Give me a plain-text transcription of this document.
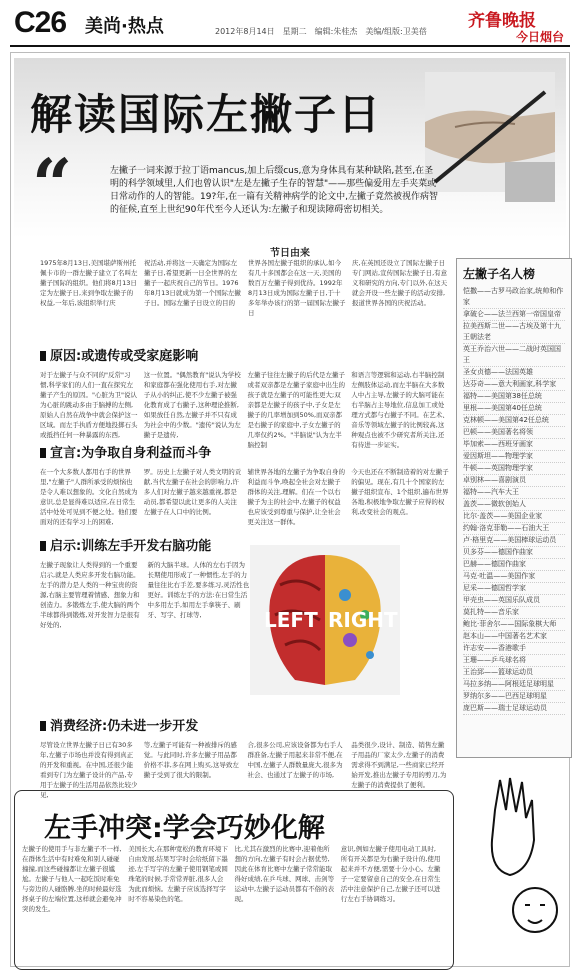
C26 美尚·热点	2012年8月14日　星期二　编辑:朱桂杰　美编/组版:卫美蓓
齐鲁晚报
今日烟台
解读国际左撇子日
“	左撇子一词来源于拉丁语mancus,加上后缀cus,意为身体具有某种缺陷,甚至,在圣明的科学领域里,人们也曾认识"左是左撇子生存的智慧"——那些偏爱用左手夹菜或日常动作的人的智能。19?年,在一篇有关精神病学的论文中,左撇子竟然被视作病智的征候,直至上世纪90年代至今人还认为:左撇子和现读障碍密切相关。
节日由来
1975年8月13日,美国堪萨斯州托佩卡市的一群左撇子建立了名叫左撇子国际的组织。他们将8月13日定为左撇子日,来到争取左撇子的权益,一年后,该组织举行庆
祝活动,并将这一天确定为国际左撇子日,希望更新一日全世界的左撇子一起庆祝自己的节日。1976年8月13日就成为第一个国际左撇子日。国际左撇子日设立的目的
世界各国左撇子组织的承认,如今有几十多国都会在这一天,美国的数百万左撇子得到优待。1992年8月13日成为国际左撇子日,于十多年举办该行的第一届国际左撇子日
庆,在英国还设立了国际左撇子日专门网站,宣传国际左撇子日,有意义和研究的方向,专门以外,在这天就会开设一些左撇子的活动安排,报道世界各国的庆祝活动。
原因:或遗传或受家庭影响
对于左撇子与众不同的"反常"习惯,科学家们的人们一直在探究左撇子产生的原因。"心脏为卫"说认为心脏的跳动多由于脑搏的左侧,原始人自然在战争中就会保护这一区域。而左手执盾方便地投掷石头或抵挡任何一种暴露的东西,
这一位置。"偶然教育"说认为学校和家庭都在强化使用右手,对左撇子从小的纠正,使不少左撇子被强化教育成了右撇子,这种理论推断,如果放任自然,左撇子并不只有成为社会中的少数。"遗传"说认为左撇子是遗传,
左撇子往往左撇子的后代是左撇子或者双亲都是左撇子家庭中出生的孩子就是左撇子的可能性更大;双亲都是左撇子的孩子中,子女是左撇子的几率增加到50%,而双亲都是右撇子的家庭中,子女左撇子的几率仅约2%。"半脑说"认为左半脑控制
和语言等逻辑和运动,右半脑控制左侧肢体运动,而左半脑在大多数人中占主导,左撇子的大脑可能在右半脑占主导地位,信息加工或处理方式都与右撇子不同。在艺术、音乐等领域左撇子的比例较高,这种观点也被不少研究者所关注,还有待进一步证实。
宣言:为争取自身利益而斗争
在一个大多数人都用右手的世界里,"左撇子"人群所承受的烦恼也是令人难以想象的。文化自然成为意识,总是显得难以适应,在日常生活中处处可见到不便之处。他们要面对的还有学习上的困难,
罗。历史上左撇子对人类文明的贡献,当代左撇子在社会的影响力,许多人们对左撇子越来越重视,都是动员,都希望以此让更多的人关注左撇子在人口中的比例。
辅世界各地的左撇子为争取自身的利益而斗争,唤起全社会对左撇子群体的关注,理解。们在一个以右撇子为主的社会中,左撇子的权益也应该受到尊重与保护,让全社会更关注这一群体。
今天也还在不断制造着的对左撇子的偏见。现在,有几十个国家的左撇子组织宣布、1个组织,遍布世界各地,积极地争取左撇子应得的权利,改变社会的观点。
启示:训练左手开发右脑功能
左撇子现象让人类得到的一个重要启示,就是人类应多开发右脑功能。左手的潜力是人类的一种宝贵的资源,右脑主要管理着情感、想象力和创造力。多锻炼左手,使大脑的两个半球都得到锻炼,对开发智力是很有好处的,
新的大脑半球。人体的左右手因为长期使用形成了一种惯性,左手的力量往往比右手差,要多练习,灵活性也更好。训练左手的方法:在日常生活中多用左手,如用左手拿筷子、刷牙、写字、打球等,	LEFT RIGHT
消费经济:仍未进一步开发
尽管设立世界左撇子日已有30多年,左撇子市场也并没有得到真正的开发和重视。在中国,还很少能看到专门为左撇子设计的产品,专用于左撇子的生活用品依然比较少见,
等,左撇子可能有一种被排斥的感觉。与此同时,许多左撇子用品都价格不菲,多在网上购买,这导致左撇子受到了很大的限制。
合,很多公司,应该设备都为右手人群准备,左撇子用起来非常不便,在中国,左撇子人群数量庞大,很多为社会、也通过了左撇子的市场,
品类很少,设计、制造、销售左撇子用品的厂家太少,左撇子的消费需求得不到满足,一些商家已经开始开发,推出左撇子专用的剪刀,为左撇子的消费提供了便利。
左撇子名人榜
恺撒——古罗马政治家,统帅和作家
拿破仑——法兰西第一帝国皇帝
拉美西斯二世——古埃及第十九王朝法老
英王乔治六世——二战时英国国王
圣女贞德——法国英雄
达芬奇——意大利画家,科学家
福特——美国第38任总统
里根——美国第40任总统
克林顿——美国第42任总统
巴顿——美国著名将领
毕加索——西班牙画家
爱因斯坦——物理学家
牛顿——英国物理学家
卓别林——喜剧演员
福特——汽车大王
盖茨——微软创始人
比尔·盖茨——美国企业家
约翰·洛克菲勒——石油大王
卢·格里克——美国棒球运动员
贝多芬——德国作曲家
巴赫——德国作曲家
马克·吐温——美国作家
尼采——德国哲学家
甲壳虫——英国乐队成员
莫扎特——音乐家
鲍比·菲舍尔——国际象棋大师
赵本山——中国著名艺术家
许志安——香港歌手
王珊——乒乓球名将
王治郅——篮球运动员
马拉多纳——阿根廷足球明星
罗纳尔多——巴西足球明星
庞巴斯——瑞士足球运动员
左手冲突:学会巧妙化解
左撇子的使用手与非左撇子不一样,在群体生活中有时难免和别人碰碰撞撞,而这些碰撞都让左撇子很尴尬。左撇子与他人一起吃饭时难免与旁边的人碰胳膊,坐的时候最好选择桌子的左端位置,这样就会避免冲突的发生。
美国长大,在那种宽松的教育环境下自由发展,结果写字时会给纸留下墨迹,左手写字的左撇子使用钢笔或圆珠笔的时候,手常常弄脏,很多人会为此而烦恼。左撇子应该选择写字时不容易染色的笔。
比,尤其在激烈的比赛中,迎着他所想的方向,左撇子有时会占据优势,因此在体育比赛中左撇子常常能取得好成绩,在乒乓球、网球、击剑等运动中,左撇子运动员都有不俗的表现。
意识,例如左撇子使用电动工具时,所有开关都是为右撇子设计的,使用起来并不方便,需要十分小心。左撇子一定要留意自己的安全,在日常生活中注意保护自己,左撇子还可以进行左右手协调练习。
